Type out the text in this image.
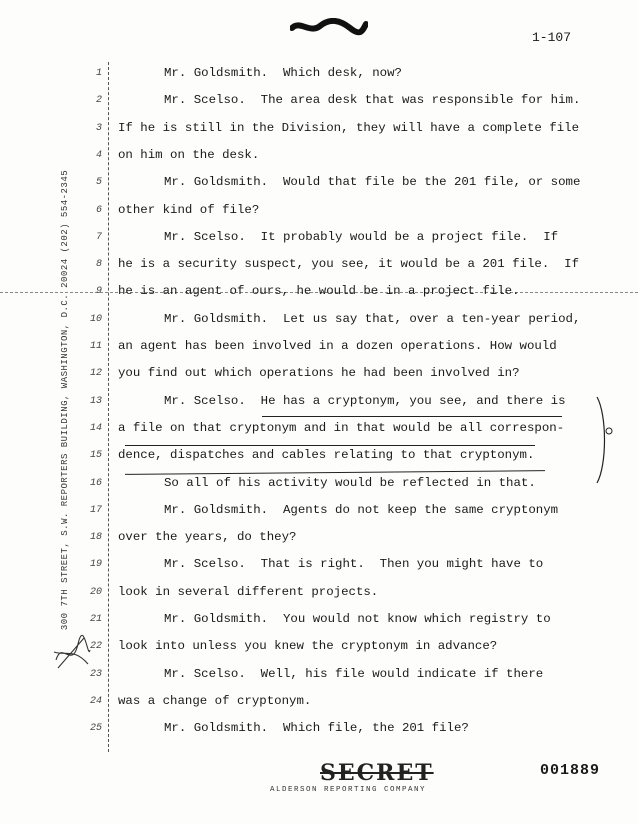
1-107
300 7TH STREET, S.W. REPORTERS BUILDING, WASHINGTON, D.C. 20024 (202) 554-2345
1	Mr. Goldsmith.  Which desk, now?
2	Mr. Scelso.  The area desk that was responsible for him.
3 If he is still in the Division, they will have a complete file
4 on him on the desk.
5	Mr. Goldsmith.  Would that file be the 201 file, or some
6 other kind of file?
7	Mr. Scelso.  It probably would be a project file.  If
8 he is a security suspect, you see, it would be a 201 file.  If
9 he is an agent of ours, he would be in a project file.
10	Mr. Goldsmith.  Let us say that, over a ten-year period,
11 an agent has been involved in a dozen operations. How would
12 you find out which operations he had been involved in?
13	Mr. Scelso.  He has a cryptonym, you see, and there is
14 a file on that cryptonym and in that would be all correspon-
15 dence, dispatches and cables relating to that cryptonym.
16	So all of his activity would be reflected in that.
17	Mr. Goldsmith.  Agents do not keep the same cryptonym
18 over the years, do they?
19	Mr. Scelso.  That is right.  Then you might have to
20 look in several different projects.
21	Mr. Goldsmith.  You would not know which registry to
22 look into unless you knew the cryptonym in advance?
23	Mr. Scelso.  Well, his file would indicate if there
24 was a change of cryptonym.
25	Mr. Goldsmith.  Which file, the 201 file?
SECRET	001889
ALDERSON REPORTING COMPANY
